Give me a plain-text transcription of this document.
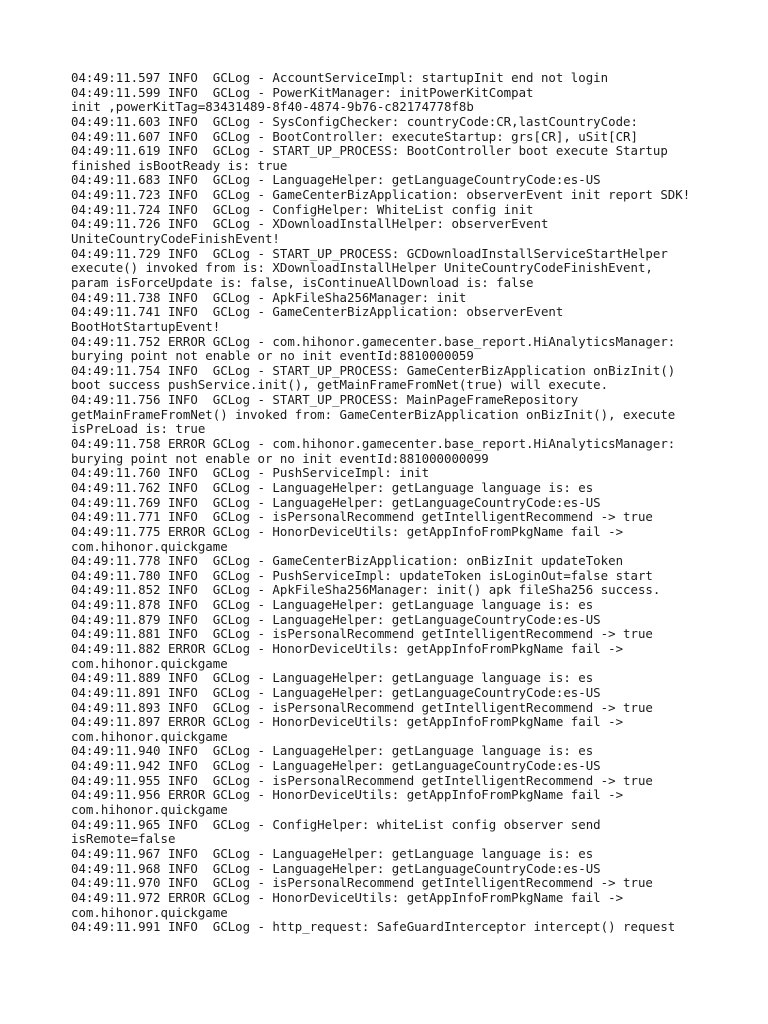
04:49:11.597 INFO  GCLog - AccountServiceImpl: startupInit end not login
04:49:11.599 INFO  GCLog - PowerKitManager: initPowerKitCompat
init ,powerKitTag=83431489-8f40-4874-9b76-c82174778f8b
04:49:11.603 INFO  GCLog - SysConfigChecker: countryCode:CR,lastCountryCode:
04:49:11.607 INFO  GCLog - BootController: executeStartup: grs[CR], uSit[CR]
04:49:11.619 INFO  GCLog - START_UP_PROCESS: BootController boot execute Startup
finished isBootReady is: true
04:49:11.683 INFO  GCLog - LanguageHelper: getLanguageCountryCode:es-US
04:49:11.723 INFO  GCLog - GameCenterBizApplication: observerEvent init report SDK!
04:49:11.724 INFO  GCLog - ConfigHelper: WhiteList config init
04:49:11.726 INFO  GCLog - XDownloadInstallHelper: observerEvent
UniteCountryCodeFinishEvent!
04:49:11.729 INFO  GCLog - START_UP_PROCESS: GCDownloadInstallServiceStartHelper
execute() invoked from is: XDownloadInstallHelper UniteCountryCodeFinishEvent,
param isForceUpdate is: false, isContinueAllDownload is: false
04:49:11.738 INFO  GCLog - ApkFileSha256Manager: init
04:49:11.741 INFO  GCLog - GameCenterBizApplication: observerEvent
BootHotStartupEvent!
04:49:11.752 ERROR GCLog - com.hihonor.gamecenter.base_report.HiAnalyticsManager:
burying point not enable or no init eventId:8810000059
04:49:11.754 INFO  GCLog - START_UP_PROCESS: GameCenterBizApplication onBizInit()
boot success pushService.init(), getMainFrameFromNet(true) will execute.
04:49:11.756 INFO  GCLog - START_UP_PROCESS: MainPageFrameRepository
getMainFrameFromNet() invoked from: GameCenterBizApplication onBizInit(), execute
isPreLoad is: true
04:49:11.758 ERROR GCLog - com.hihonor.gamecenter.base_report.HiAnalyticsManager:
burying point not enable or no init eventId:881000000099
04:49:11.760 INFO  GCLog - PushServiceImpl: init
04:49:11.762 INFO  GCLog - LanguageHelper: getLanguage language is: es
04:49:11.769 INFO  GCLog - LanguageHelper: getLanguageCountryCode:es-US
04:49:11.771 INFO  GCLog - isPersonalRecommend getIntelligentRecommend -> true
04:49:11.775 ERROR GCLog - HonorDeviceUtils: getAppInfoFromPkgName fail ->
com.hihonor.quickgame
04:49:11.778 INFO  GCLog - GameCenterBizApplication: onBizInit updateToken
04:49:11.780 INFO  GCLog - PushServiceImpl: updateToken isLoginOut=false start
04:49:11.852 INFO  GCLog - ApkFileSha256Manager: init() apk fileSha256 success.
04:49:11.878 INFO  GCLog - LanguageHelper: getLanguage language is: es
04:49:11.879 INFO  GCLog - LanguageHelper: getLanguageCountryCode:es-US
04:49:11.881 INFO  GCLog - isPersonalRecommend getIntelligentRecommend -> true
04:49:11.882 ERROR GCLog - HonorDeviceUtils: getAppInfoFromPkgName fail ->
com.hihonor.quickgame
04:49:11.889 INFO  GCLog - LanguageHelper: getLanguage language is: es
04:49:11.891 INFO  GCLog - LanguageHelper: getLanguageCountryCode:es-US
04:49:11.893 INFO  GCLog - isPersonalRecommend getIntelligentRecommend -> true
04:49:11.897 ERROR GCLog - HonorDeviceUtils: getAppInfoFromPkgName fail ->
com.hihonor.quickgame
04:49:11.940 INFO  GCLog - LanguageHelper: getLanguage language is: es
04:49:11.942 INFO  GCLog - LanguageHelper: getLanguageCountryCode:es-US
04:49:11.955 INFO  GCLog - isPersonalRecommend getIntelligentRecommend -> true
04:49:11.956 ERROR GCLog - HonorDeviceUtils: getAppInfoFromPkgName fail ->
com.hihonor.quickgame
04:49:11.965 INFO  GCLog - ConfigHelper: whiteList config observer send
isRemote=false
04:49:11.967 INFO  GCLog - LanguageHelper: getLanguage language is: es
04:49:11.968 INFO  GCLog - LanguageHelper: getLanguageCountryCode:es-US
04:49:11.970 INFO  GCLog - isPersonalRecommend getIntelligentRecommend -> true
04:49:11.972 ERROR GCLog - HonorDeviceUtils: getAppInfoFromPkgName fail ->
com.hihonor.quickgame
04:49:11.991 INFO  GCLog - http_request: SafeGuardInterceptor intercept() request
